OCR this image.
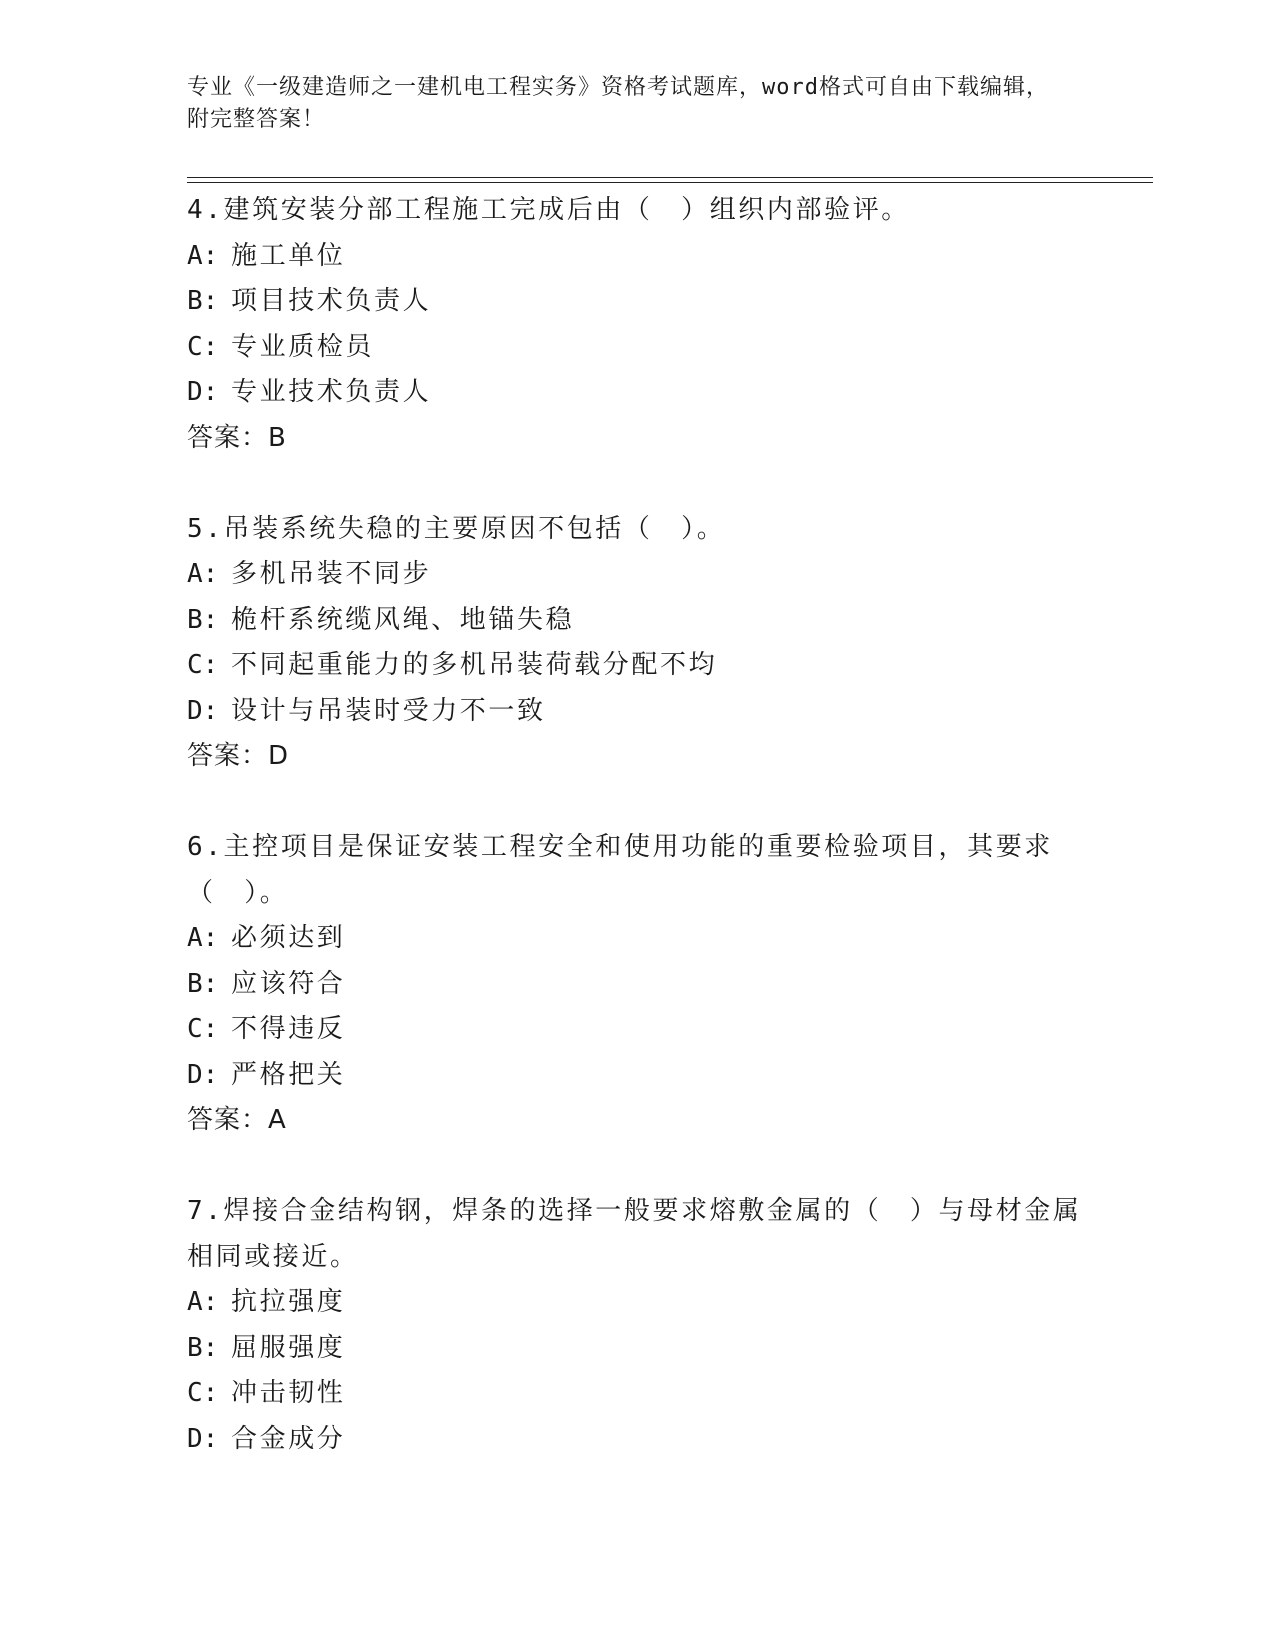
专业《一级建造师之一建机电工程实务》资格考试题库，word格式可自由下载编辑，附完整答案！
4.建筑安装分部工程施工完成后由（　）组织内部验评。
A: 施工单位
B: 项目技术负责人
C: 专业质检员
D: 专业技术负责人
答案：B
5.吊装系统失稳的主要原因不包括（　）。
A: 多机吊装不同步
B: 桅杆系统缆风绳、地锚失稳
C: 不同起重能力的多机吊装荷载分配不均
D: 设计与吊装时受力不一致
答案：D
6.主控项目是保证安装工程安全和使用功能的重要检验项目，其要求（　）。
A: 必须达到
B: 应该符合
C: 不得违反
D: 严格把关
答案：A
7.焊接合金结构钢，焊条的选择一般要求熔敷金属的（　）与母材金属相同或接近。
A: 抗拉强度
B: 屈服强度
C: 冲击韧性
D: 合金成分
